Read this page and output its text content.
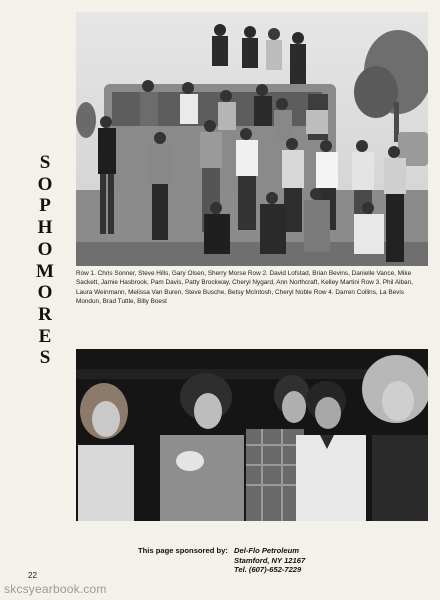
S
O
P
H
O
M
O
R
E
S
Row 1. Chris Sonner, Steve Hills, Gary Olsen, Sherry Morse Row 2. David Lofstad, Brian Bevins, Danielle Vance, Mike Sackett, Jamie Hasbrook, Pam Davis, Patty Brockway, Cheryl Nygard, Ann Northcraft, Kelley Martini Row 3. Phil Alban, Laura Weinmann, Melissa Van Buren, Steve Busche, Betsy McIntosh, Cheryl Noble Row 4. Darren Collins, La Bevis Mondun, Brad Tuttle, Billy Boest
This page sponsored by: Del-Flo Petroleum
Stamford, NY 12167
Tel. (607)-652-7229
22
skcsyearbook.com
